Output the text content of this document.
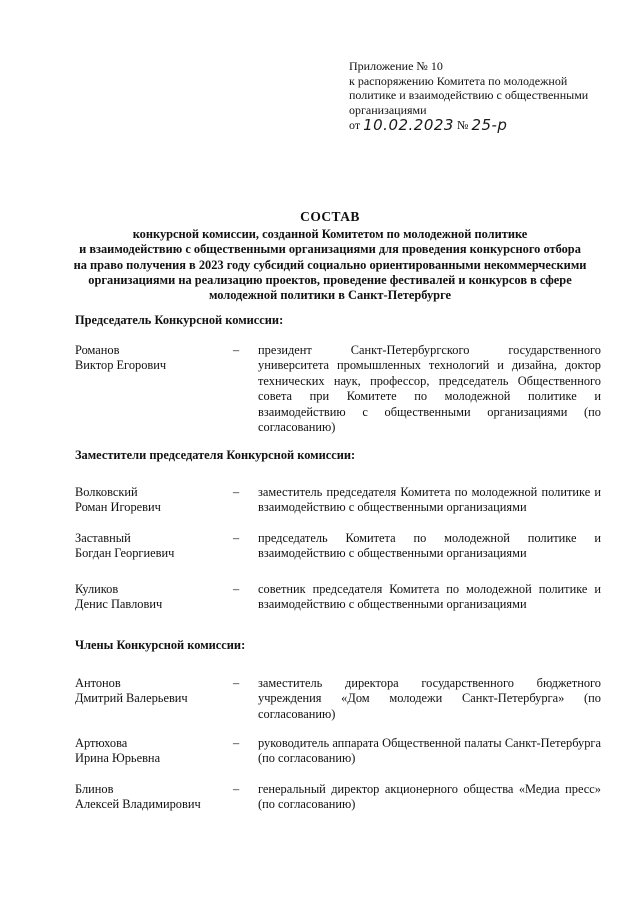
Приложение № 10
к распоряжению Комитета по молодежной
политике и взаимодействию с общественными
организациями
от 10.02.2023 № 25-р
СОСТАВ
конкурсной комиссии, созданной Комитетом по молодежной политике
и взаимодействию с общественными организациями для проведения конкурсного отбора
на право получения в 2023 году субсидий социально ориентированными некоммерческими
организациями на реализацию проектов, проведение фестивалей и конкурсов в сфере
молодежной политики в Санкт-Петербурге
Председатель Конкурсной комиссии:
Романов
Виктор Егорович
– президент Санкт-Петербургского государственного университета промышленных технологий и дизайна, доктор технических наук, профессор, председатель Общественного совета при Комитете по молодежной политике и взаимодействию с общественными организациями (по согласованию)
Заместители председателя Конкурсной комиссии:
Волковский
Роман Игоревич
– заместитель председателя Комитета по молодежной политике и взаимодействию с общественными организациями
Заставный
Богдан Георгиевич
– председатель Комитета по молодежной политике и взаимодействию с общественными организациями
Куликов
Денис Павлович
– советник председателя Комитета по молодежной политике и взаимодействию с общественными организациями
Члены Конкурсной комиссии:
Антонов
Дмитрий Валерьевич
– заместитель директора государственного бюджетного учреждения «Дом молодежи Санкт-Петербурга» (по согласованию)
Артюхова
Ирина Юрьевна
– руководитель аппарата Общественной палаты Санкт-Петербурга (по согласованию)
Блинов
Алексей Владимирович
– генеральный директор акционерного общества «Медиа пресс» (по согласованию)
